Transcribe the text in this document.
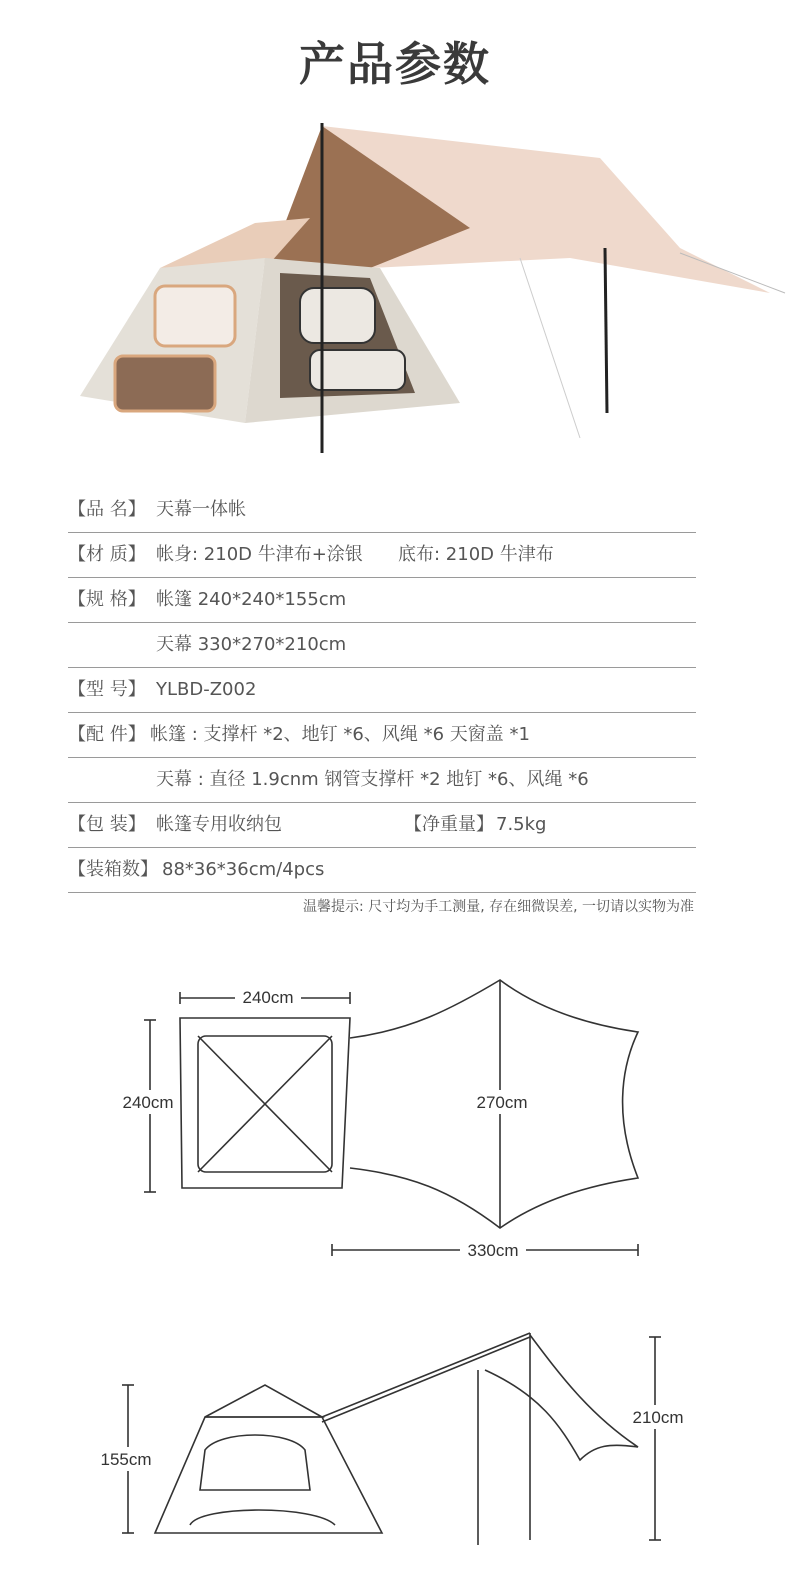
产品参数
【品 名】 天幕一体帐
【材 质】 帐身: 210D 牛津布+涂银 底布: 210D 牛津布
【规 格】 帐篷 240*240*155cm
天幕 330*270*210cm
【型 号】 YLBD-Z002
【配 件】 帐篷 : 支撑杆 *2、地钉 *6、风绳 *6 天窗盖 *1
天幕 : 直径 1.9cnm 钢管支撑杆 *2 地钉 *6、风绳 *6
【包 装】 帐篷专用收纳包	【净重量】 7.5kg
【装箱数】 88*36*36cm/4pcs
温馨提示: 尺寸均为手工测量, 存在细微误差, 一切请以实物为准
240cm
240cm	270cm
330cm
155cm
210cm
